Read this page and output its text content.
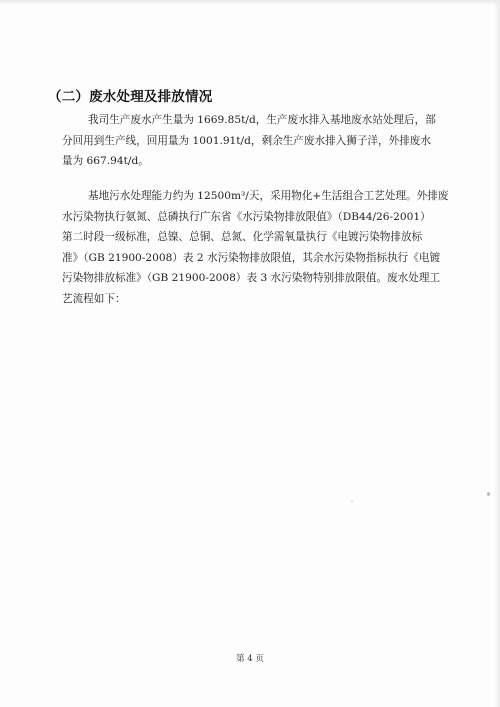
（二）废水处理及排放情况

我司生产废水产生量为 1669.85t/d，生产废水排入基地废水站处理后，部
分回用到生产线，回用量为 1001.91t/d，剩余生产废水排入狮子洋，外排废水
量为 667.94t/d。

基地污水处理能力约为 12500m³/天，采用物化+生活组合工艺处理。外排废
水污染物执行氨氮、总磷执行广东省《水污染物排放限值》（DB44/26-2001）
第二时段一级标准，总镍、总铜、总氮、化学需氧量执行《电镀污染物排放标
准》（GB 21900-2008）表 2 水污染物排放限值，其余水污染物指标执行《电镀
污染物排放标准》（GB 21900-2008）表 3 水污染物特别排放限值。废水处理工
艺流程如下：

第 4 页
